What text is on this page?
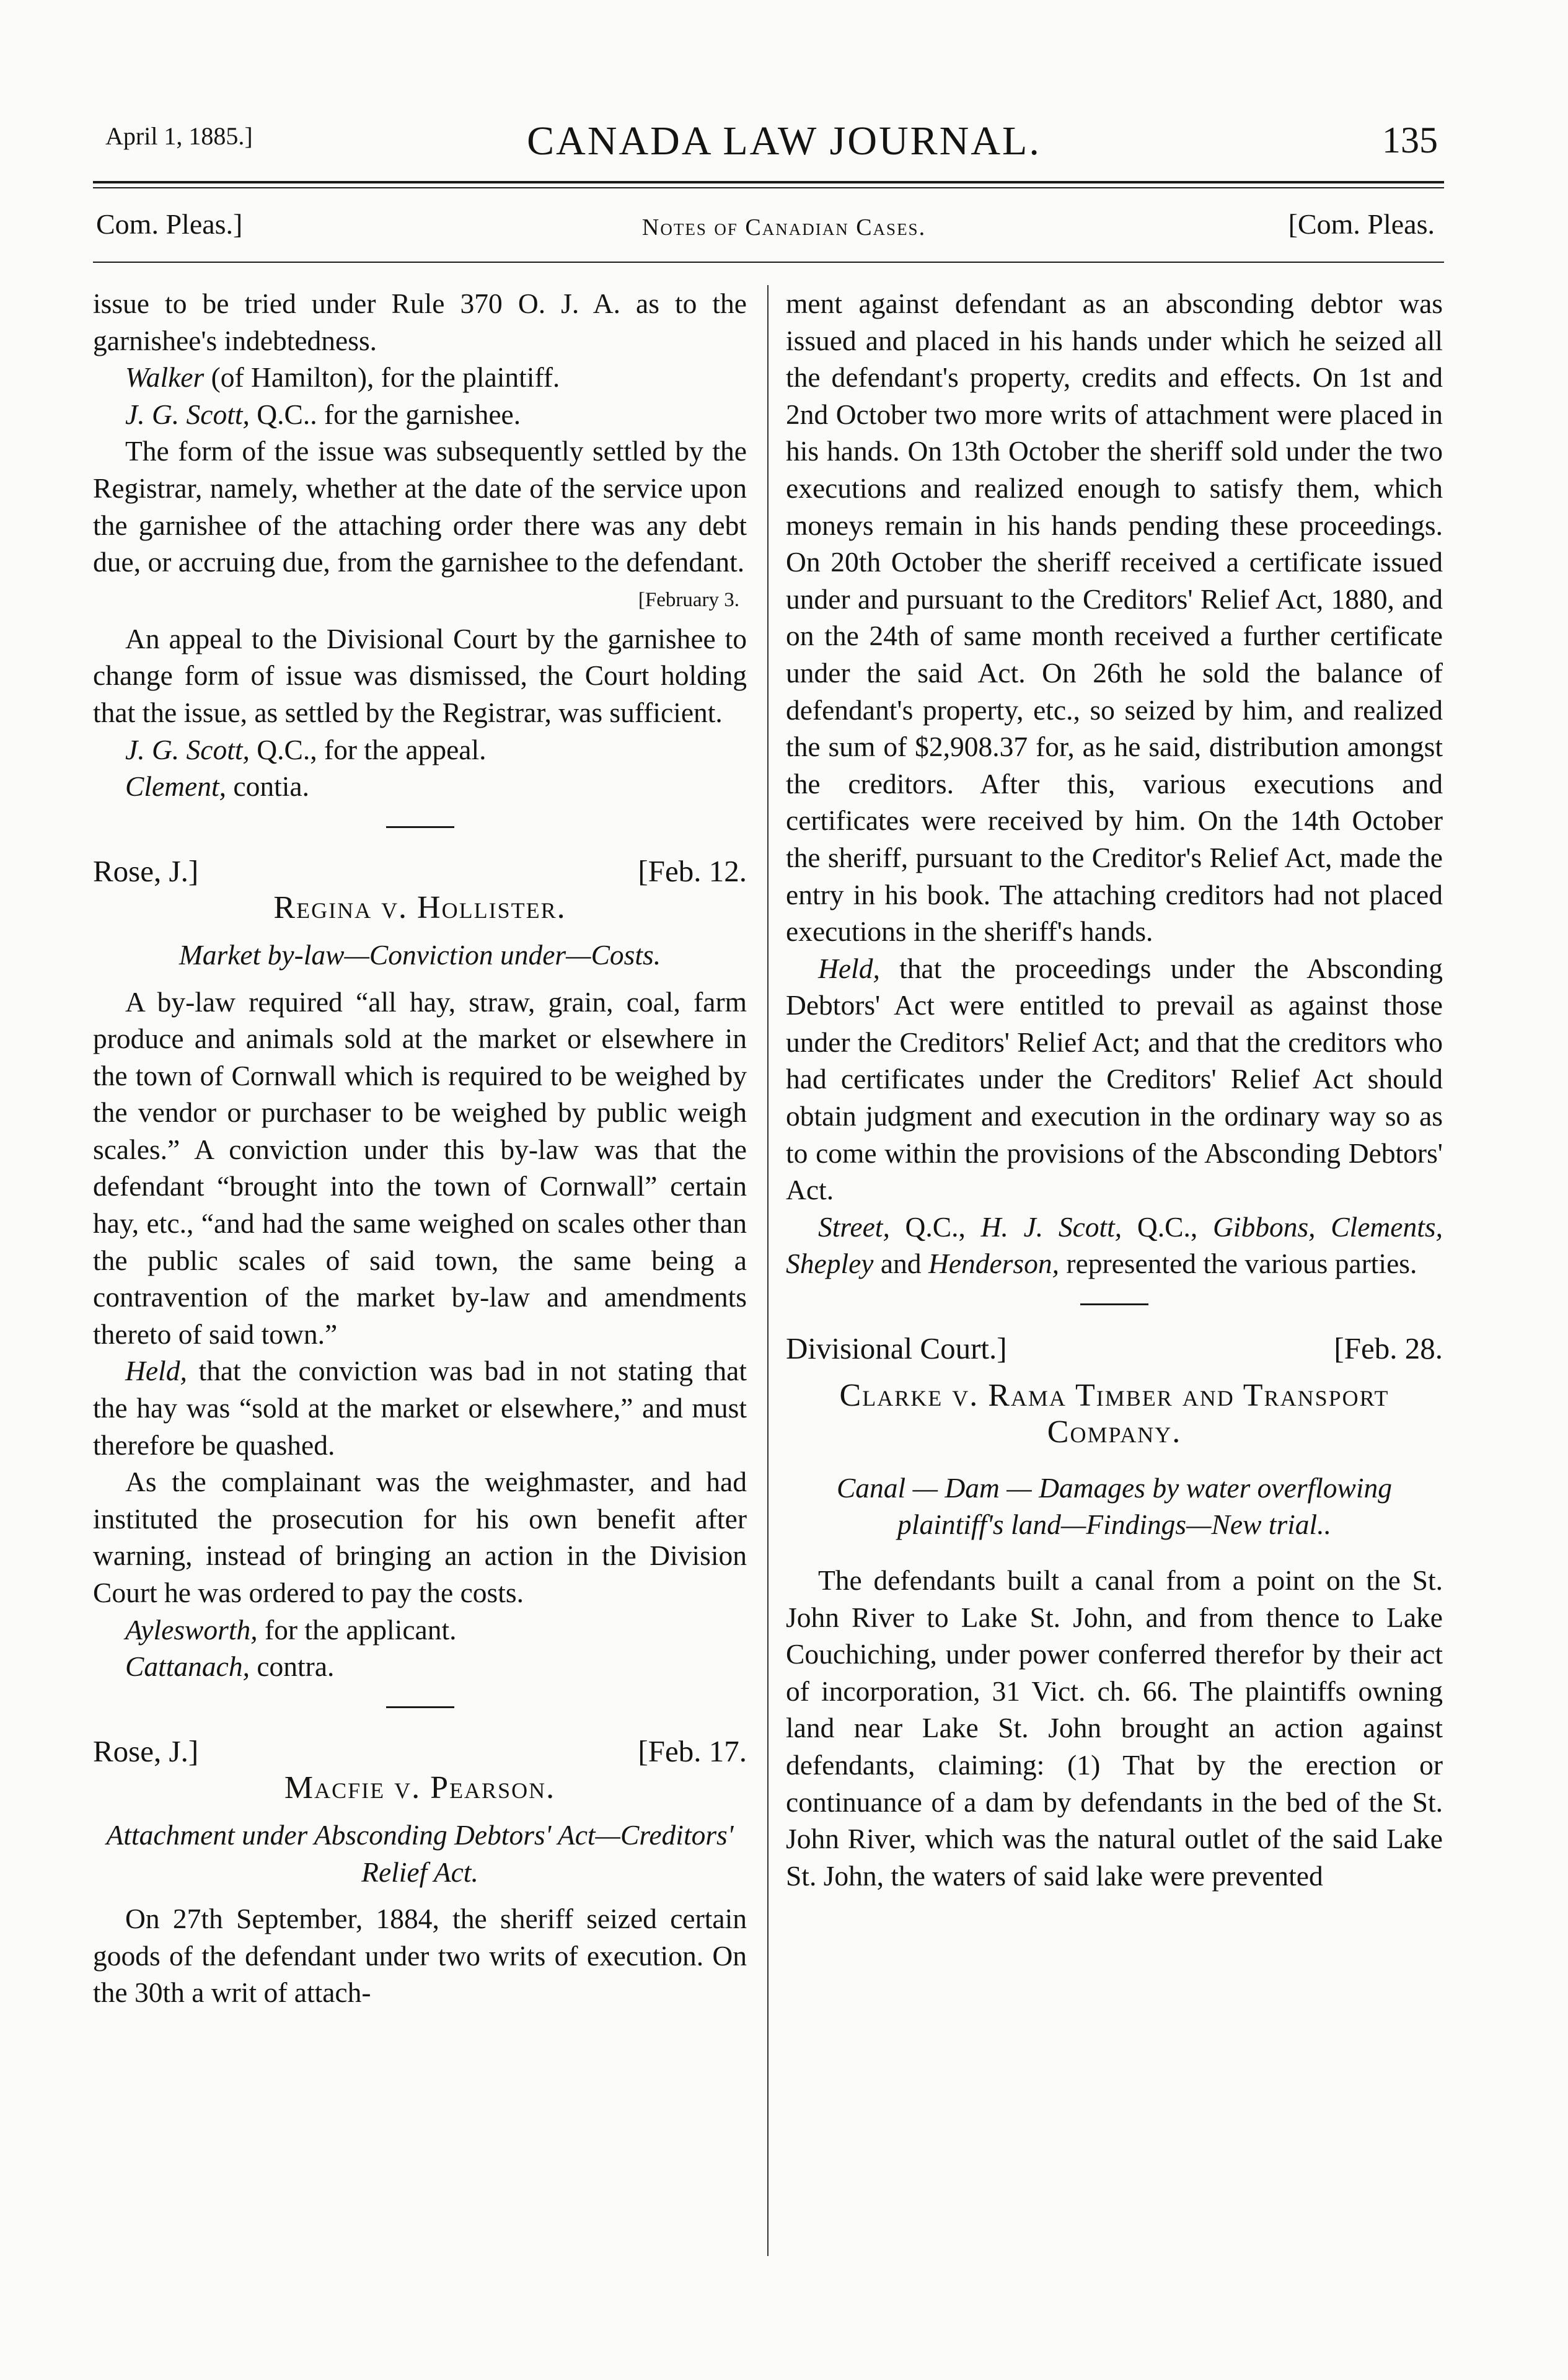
April 1, 1885.]	CANADA LAW JOURNAL.	135
Com. Pleas.]	Notes of Canadian Cases.	[Com. Pleas.

issue to be tried under Rule 370 O. J. A. as to the garnishee's indebtedness.

Walker (of Hamilton), for the plaintiff.

J. G. Scott, Q.C.. for the garnishee.

The form of the issue was subsequently settled by the Registrar, namely, whether at the date of the service upon the garnishee of the attaching order there was any debt due, or accruing due, from the garnishee to the defendant.

[February 3.

An appeal to the Divisional Court by the garnishee to change form of issue was dismissed, the Court holding that the issue, as settled by the Registrar, was sufficient.

J. G. Scott, Q.C., for the appeal.

Clement, contia.

Rose, J.]	[Feb. 12.
Regina v. Hollister.

Market by-law—Conviction under—Costs.

A by-law required “all hay, straw, grain, coal, farm produce and animals sold at the market or elsewhere in the town of Cornwall which is required to be weighed by the vendor or purchaser to be weighed by public weigh scales.” A conviction under this by-law was that the defendant “brought into the town of Cornwall” certain hay, etc., “and had the same weighed on scales other than the public scales of said town, the same being a contravention of the market by-law and amendments thereto of said town.”

Held, that the conviction was bad in not stating that the hay was “sold at the market or elsewhere,” and must therefore be quashed.

As the complainant was the weighmaster, and had instituted the prosecution for his own benefit after warning, instead of bringing an action in the Division Court he was ordered to pay the costs.

Aylesworth, for the applicant.

Cattanach, contra.

Rose, J.]	[Feb. 17.
Macfie v. Pearson.

Attachment under Absconding Debtors' Act—Creditors' Relief Act.

On 27th September, 1884, the sheriff seized certain goods of the defendant under two writs of execution. On the 30th a writ of attach-

ment against defendant as an absconding debtor was issued and placed in his hands under which he seized all the defendant's property, credits and effects. On 1st and 2nd October two more writs of attachment were placed in his hands. On 13th October the sheriff sold under the two executions and realized enough to satisfy them, which moneys remain in his hands pending these proceedings. On 20th October the sheriff received a certificate issued under and pursuant to the Creditors' Relief Act, 1880, and on the 24th of same month received a further certificate under the said Act. On 26th he sold the balance of defendant's property, etc., so seized by him, and realized the sum of $2,908.37 for, as he said, distribution amongst the creditors. After this, various executions and certificates were received by him. On the 14th October the sheriff, pursuant to the Creditor's Relief Act, made the entry in his book. The attaching creditors had not placed executions in the sheriff's hands.

Held, that the proceedings under the Absconding Debtors' Act were entitled to prevail as against those under the Creditors' Relief Act; and that the creditors who had certificates under the Creditors' Relief Act should obtain judgment and execution in the ordinary way so as to come within the provisions of the Absconding Debtors' Act.

Street, Q.C., H. J. Scott, Q.C., Gibbons, Clements, Shepley and Henderson, represented the various parties.

Divisional Court.]	[Feb. 28.
Clarke v. Rama Timber and Transport Company.

Canal — Dam — Damages by water overflowing plaintiff's land—Findings—New trial..

The defendants built a canal from a point on the St. John River to Lake St. John, and from thence to Lake Couchiching, under power conferred therefor by their act of incorporation, 31 Vict. ch. 66. The plaintiffs owning land near Lake St. John brought an action against defendants, claiming: (1) That by the erection or continuance of a dam by defendants in the bed of the St. John River, which was the natural outlet of the said Lake St. John, the waters of said lake were prevented
